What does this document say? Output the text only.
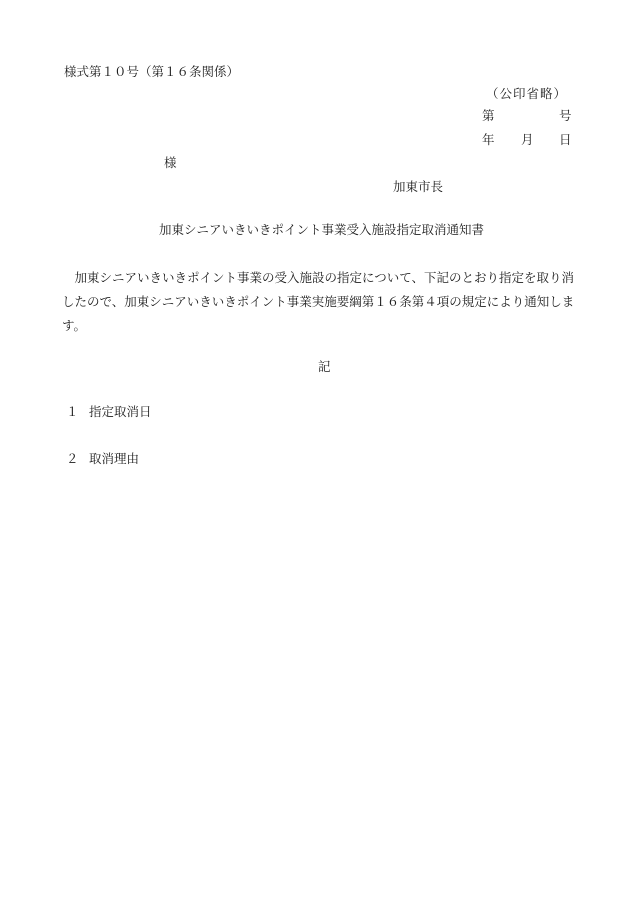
様式第１０号（第１６条関係）
（公印省略）
第	号
年 月 日
様
加東市長
加東シニアいきいきポイント事業受入施設指定取消通知書
　加東シニアいきいきポイント事業の受入施設の指定について、下記のとおり指定を取り消
したので、加東シニアいきいきポイント事業実施要綱第１６条第４項の規定により通知しま
す。
記
１ 指定取消日
２ 取消理由
